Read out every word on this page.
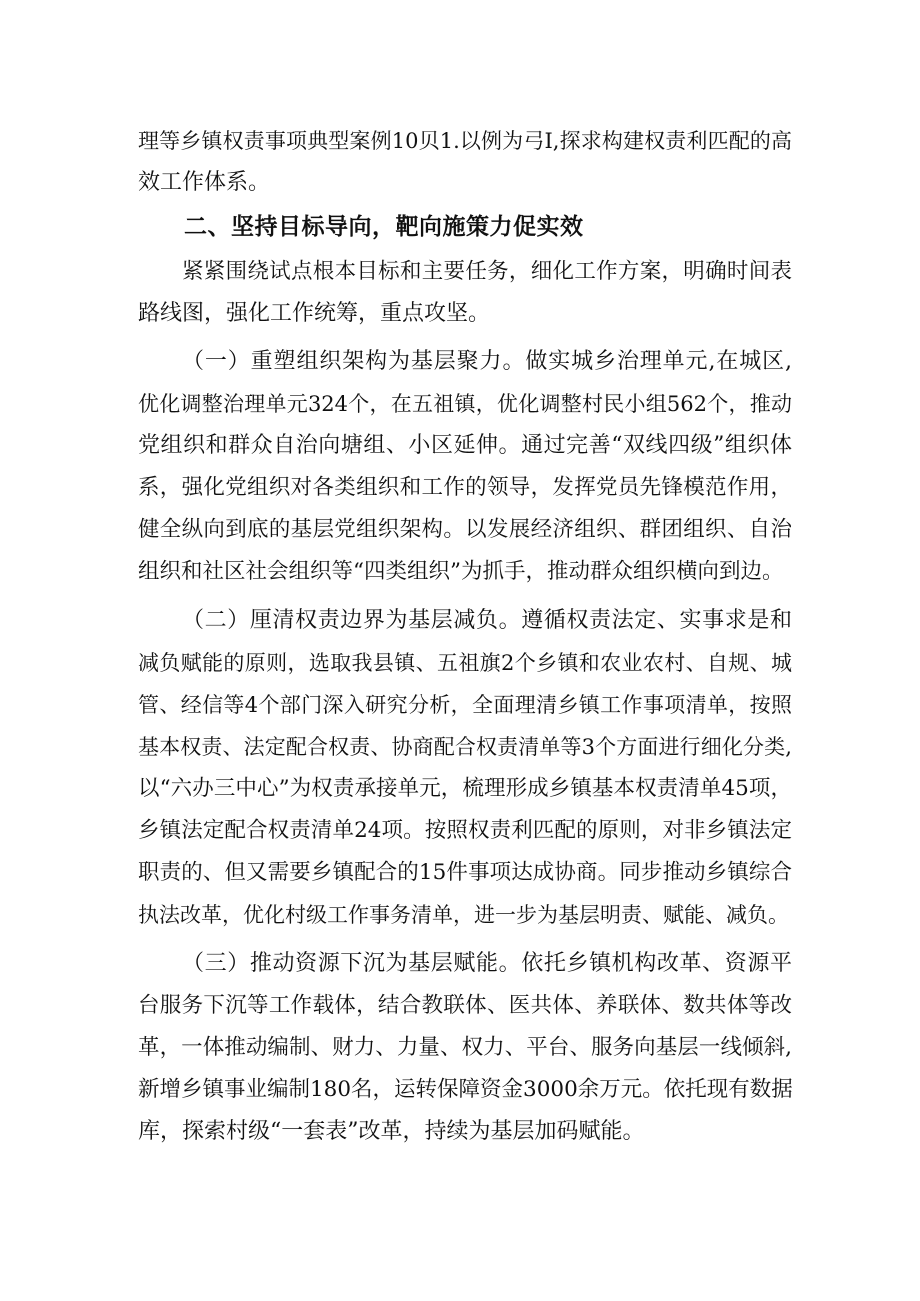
理等乡镇权责事项典型案例10贝1.以例为弓I,探求构建权责利匹配的高
效工作体系。
二、坚持目标导向，靶向施策力促实效
紧紧围绕试点根本目标和主要任务，细化工作方案，明确时间表
路线图，强化工作统筹，重点攻坚。
（一）重塑组织架构为基层聚力。做实城乡治理单元,在城区,
优化调整治理单元324个，在五祖镇，优化调整村民小组562个，推动
党组织和群众自治向塘组、小区延伸。通过完善“双线四级”组织体
系，强化党组织对各类组织和工作的领导，发挥党员先锋模范作用，
健全纵向到底的基层党组织架构。以发展经济组织、群团组织、自治
组织和社区社会组织等“四类组织”为抓手，推动群众组织横向到边。
（二）厘清权责边界为基层减负。遵循权责法定、实事求是和
减负赋能的原则，选取我县镇、五祖旗2个乡镇和农业农村、自规、城
管、经信等4个部门深入研究分析，全面理清乡镇工作事项清单，按照
基本权责、法定配合权责、协商配合权责清单等3个方面进行细化分类,
以“六办三中心”为权责承接单元，梳理形成乡镇基本权责清单45项，
乡镇法定配合权责清单24项。按照权责利匹配的原则，对非乡镇法定
职责的、但又需要乡镇配合的15件事项达成协商。同步推动乡镇综合
执法改革，优化村级工作事务清单，进一步为基层明责、赋能、减负。
（三）推动资源下沉为基层赋能。依托乡镇机构改革、资源平
台服务下沉等工作载体，结合教联体、医共体、养联体、数共体等改
革，一体推动编制、财力、力量、权力、平台、服务向基层一线倾斜,
新增乡镇事业编制180名，运转保障资金3000余万元。依托现有数据
库，探索村级“一套表”改革，持续为基层加码赋能。
